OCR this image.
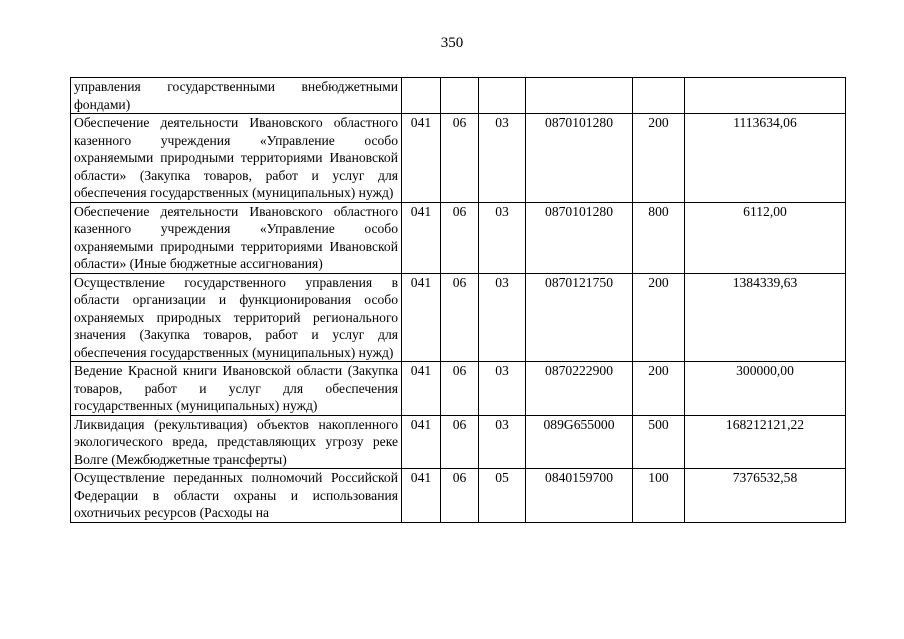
350
управления государственными внебюджетными фондами)						
Обеспечение деятельности Ивановского областного казенного учреждения «Управление особо охраняемыми природными территориями Ивановской области» (Закупка товаров, работ и услуг для обеспечения государственных (муниципальных) нужд)	041	06	03	0870101280	200	1113634,06
Обеспечение деятельности Ивановского областного казенного учреждения «Управление особо охраняемыми природными территориями Ивановской области» (Иные бюджетные ассигнования)	041	06	03	0870101280	800	6112,00
Осуществление государственного управления в области организации и функционирования особо охраняемых природных территорий регионального значения (Закупка товаров, работ и услуг для обеспечения государственных (муниципальных) нужд)	041	06	03	0870121750	200	1384339,63
Ведение Красной книги Ивановской области (Закупка товаров, работ и услуг для обеспечения государственных (муниципальных) нужд)	041	06	03	0870222900	200	300000,00
Ликвидация (рекультивация) объектов накопленного экологического вреда, представляющих угрозу реке Волге (Межбюджетные трансферты)	041	06	03	089G655000	500	168212121,22
Осуществление переданных полномочий Российской Федерации в области охраны и использования охотничьих ресурсов (Расходы на	041	06	05	0840159700	100	7376532,58
